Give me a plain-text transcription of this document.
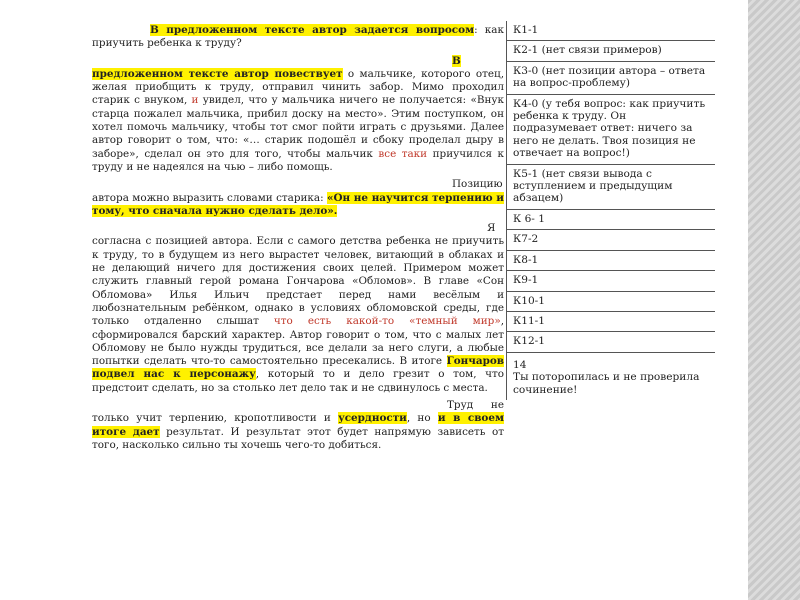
В предложенном тексте автор задается вопросом: как приучить ребенка к труду?

В предложенном тексте автор повествует о мальчике, которого отец, желая приобщить к труду, отправил чинить забор. Мимо проходил старик с внуком, и увидел, что у мальчика ничего не получается: «Внук старца пожалел мальчика, прибил доску на место». Этим поступком, он хотел помочь мальчику, чтобы тот смог пойти играть с друзьями. Далее автор говорит о том, что: «… старик подошёл и сбоку проделал дыру в заборе», сделал он это для того, чтобы мальчик все таки приучился к труду и не надеялся на чью – либо помощь.

Позицию автора можно выразить словами старика: «Он не научится терпению и тому, что сначала нужно сделать дело».

Я согласна с позицией автора. Если с самого детства ребенка не приучить к труду, то в будущем из него вырастет человек, витающий в облаках и не делающий ничего для достижения своих целей. Примером может служить главный герой романа Гончарова «Обломов». В главе «Сон Обломова» Илья Ильич предстает перед нами весёлым и любознательным ребёнком, однако в условиях обломовской среды, где только отдаленно слышат что есть какой-то «темный мир», сформировался барский характер. Автор говорит о том, что с малых лет Обломову не было нужды трудиться, все делали за него слуги, а любые попытки сделать что-то самостоятельно пресекались. В итоге Гончаров подвел нас к персонажу, который то и дело грезит о том, что предстоит сделать, но за столько лет дело так и не сдвинулось с места.

Труд не только учит терпению, кропотливости и усердности, но и в своем итоге дает результат. И результат этот будет напрямую зависеть от того, насколько сильно ты хочешь чего-то добиться.

К1-1
К2-1 (нет связи примеров)
К3-0 (нет позиции автора – ответа на вопрос-проблему)
К4-0 (у тебя вопрос: как приучить ребенка к труду. Он подразумевает ответ: ничего за него не делать. Твоя позиция не отвечает на вопрос!)
К5-1 (нет связи вывода с вступлением и предыдущим абзацем)
К 6- 1
К7-2
К8-1
К9-1
К10-1
К11-1
К12-1
14
Ты поторопилась и не проверила сочинение!
